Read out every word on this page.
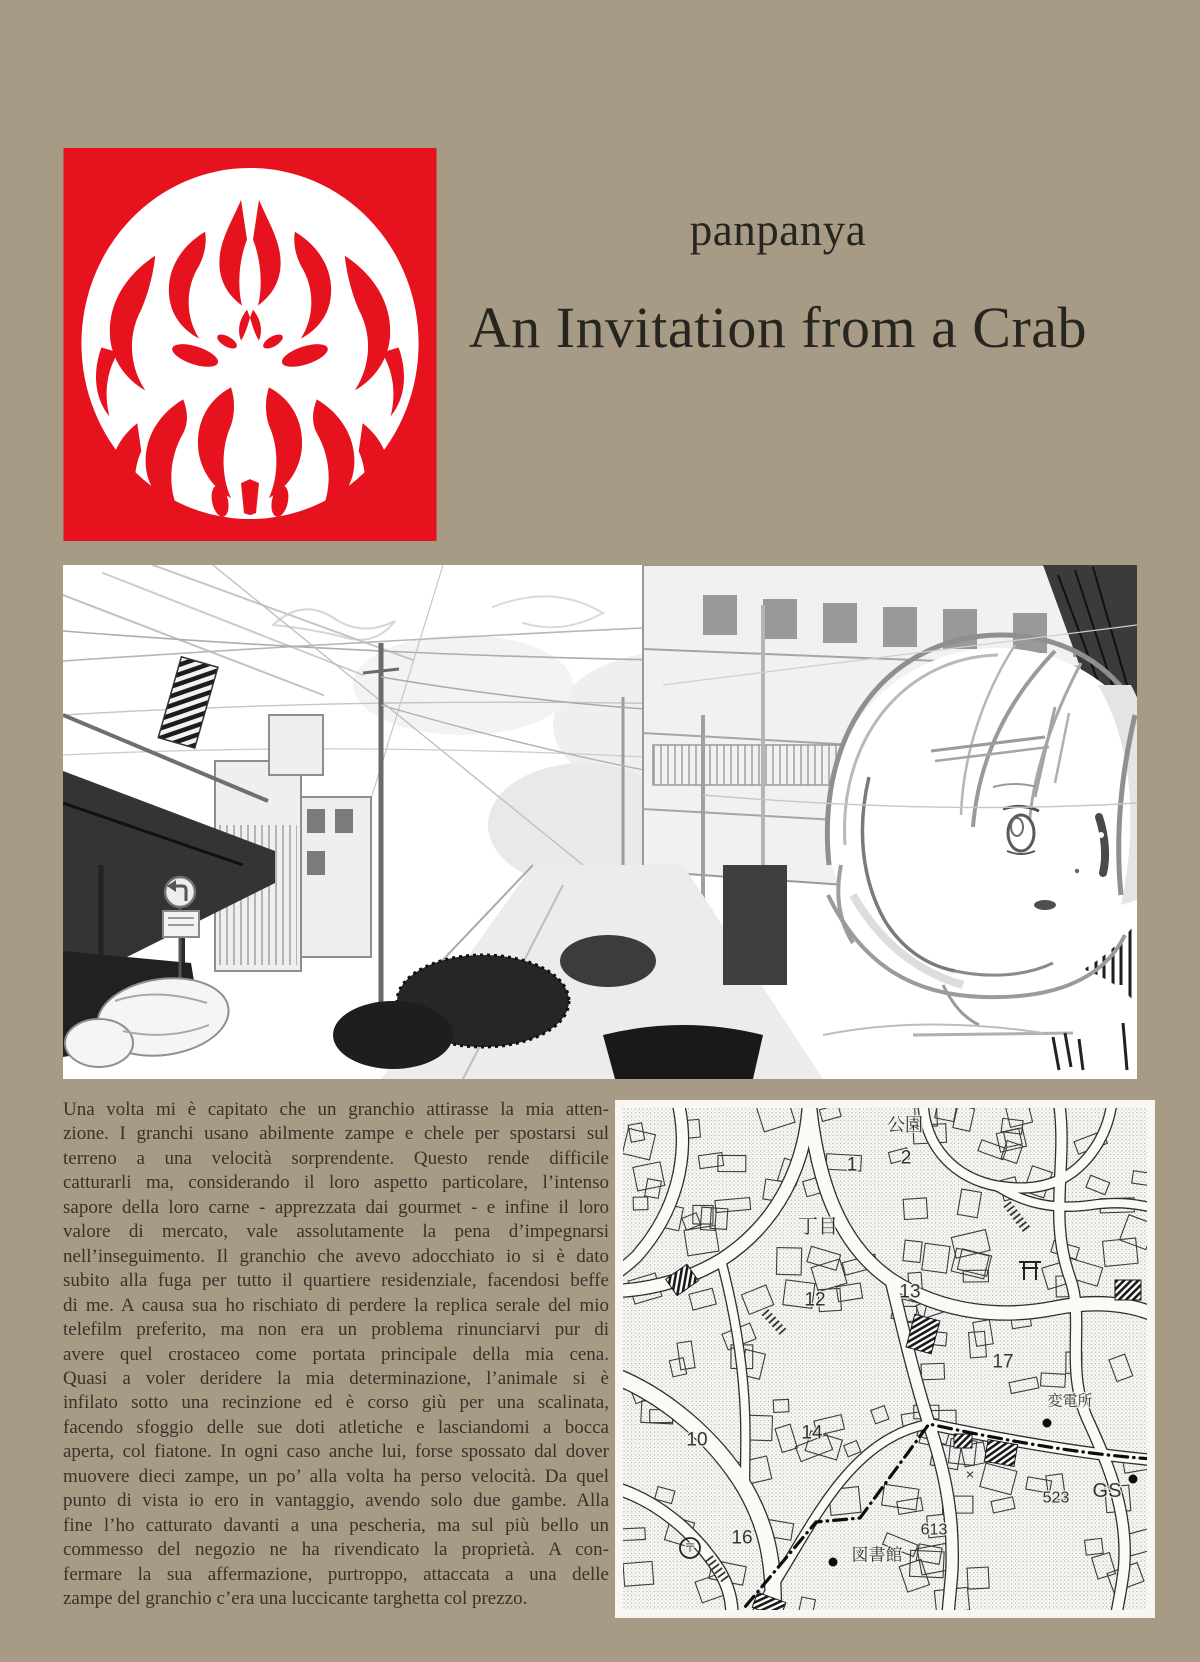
panpanya
An Invitation from a Crab
Una volta mi è capitato che un granchio attirasse la mia atten-
zione. I granchi usano abilmente zampe e chele per spostarsi sul
terreno a una velocità sorprendente. Questo rende difficile
catturarli ma, considerando il loro aspetto particolare, l’intenso
sapore della loro carne - apprezzata dai gourmet - e infine il loro
valore di mercato, vale assolutamente la pena d’impegnarsi
nell’inseguimento. Il granchio che avevo adocchiato io si è dato
subito alla fuga per tutto il quartiere residenziale, facendosi beffe
di me. A causa sua ho rischiato di perdere la replica serale del mio
telefilm preferito, ma non era un problema rinunciarvi pur di
avere quel crostaceo come portata principale della mia cena.
Quasi a voler deridere la mia determinazione, l’animale si è
infilato sotto una recinzione ed è corso giù per una scalinata,
facendo sfoggio delle sue doti atletiche e lasciandomi a bocca
aperta, col fiatone. In ogni caso anche lui, forse spossato dal dover
muovere dieci zampe, un po’ alla volta ha perso velocità. Da quel
punto di vista io ero in vantaggio, avendo solo due gambe. Alla
fine l’ho catturato davanti a una pescheria, ma sul più bello un
commesso del negozio ne ha rivendicato la proprietà. A con-
fermare la sua affermazione, purtroppo, attaccata a una delle
zampe del granchio c’era una luccicante targhetta col prezzo.
公園
2
1
丁目
12	13
17
10	14
×
変電所
523 GS
613
〒 16
図書館
